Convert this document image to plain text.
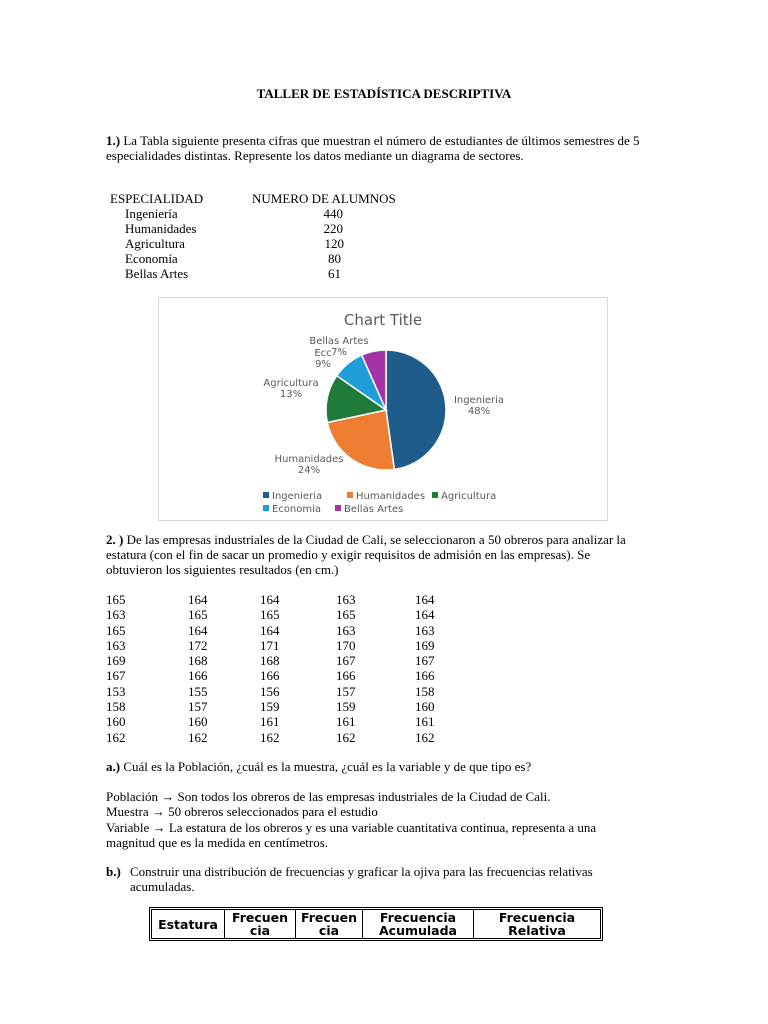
TALLER DE ESTADÍSTICA DESCRIPTIVA
1.) La Tabla siguiente presenta cifras que muestran el número de estudiantes de últimos semestres de 5 especialidades distintas. Represente los datos mediante un diagrama de sectores.
ESPECIALIDAD	NUMERO DE ALUMNOS
Ingeniería	440
Humanidades	220
Agricultura	120
Economía	80
Bellas Artes	61
Chart Title
Ingenieria 48%
Humanidades 24%
Agricultura 13%
Ecc 9%
Bellas Artes 7%
Ingenieria	Humanidades Agricultura
Economia Bellas Artes
2. ) De las empresas industriales de la Ciudad de Cali, se seleccionaron a 50 obreros para analizar la estatura (con el fin de sacar un promedio y exigir requisitos de admisión en las empresas). Se obtuvieron los siguientes resultados (en cm.)
165	164	164	163	164
163	165	165	165	164
165	164	164	163	163
163	172	171	170	169
169	168	168	167	167
167	166	166	166	166
153	155	156	157	158
158	157	159	159	160
160	160	161	161	161
162	162	162	162	162
a.) Cuál es la Población, ¿cuál es la muestra, ¿cuál es la variable y de que tipo es?
Población → Son todos los obreros de las empresas industriales de la Ciudad de Cali.
Muestra → 50 obreros seleccionados para el estudio
Variable → La estatura de los obreros y es una variable cuantitativa continua, representa a una magnitud que es la medida en centímetros.
b.) Construir una distribución de frecuencias y graficar la ojiva para las frecuencias relativas acumuladas.
Estatura	Frecuen cia	Frecuen cia	Frecuencia Acumulada	Frecuencia Relativa
